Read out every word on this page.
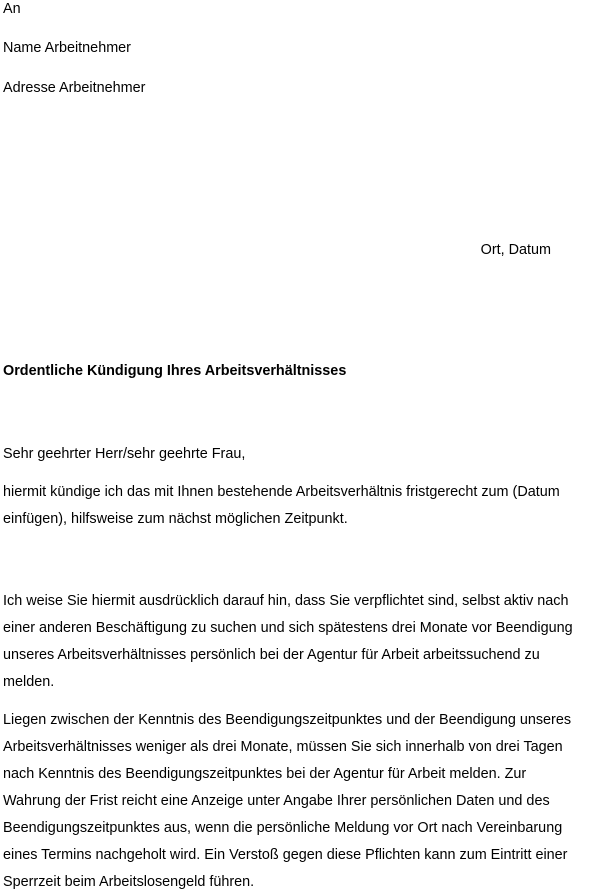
An
Name Arbeitnehmer
Adresse Arbeitnehmer
Ort, Datum
Ordentliche Kündigung Ihres Arbeitsverhältnisses
Sehr geehrter Herr/sehr geehrte Frau,
hiermit kündige ich das mit Ihnen bestehende Arbeitsverhältnis fristgerecht zum (Datum
einfügen), hilfsweise zum nächst möglichen Zeitpunkt.
Ich weise Sie hiermit ausdrücklich darauf hin, dass Sie verpflichtet sind, selbst aktiv nach
einer anderen Beschäftigung zu suchen und sich spätestens drei Monate vor Beendigung
unseres Arbeitsverhältnisses persönlich bei der Agentur für Arbeit arbeitssuchend zu
melden.
Liegen zwischen der Kenntnis des Beendigungszeitpunktes und der Beendigung unseres
Arbeitsverhältnisses weniger als drei Monate, müssen Sie sich innerhalb von drei Tagen
nach Kenntnis des Beendigungszeitpunktes bei der Agentur für Arbeit melden. Zur
Wahrung der Frist reicht eine Anzeige unter Angabe Ihrer persönlichen Daten und des
Beendigungszeitpunktes aus, wenn die persönliche Meldung vor Ort nach Vereinbarung
eines Termins nachgeholt wird. Ein Verstoß gegen diese Pflichten kann zum Eintritt einer
Sperrzeit beim Arbeitslosengeld führen.
